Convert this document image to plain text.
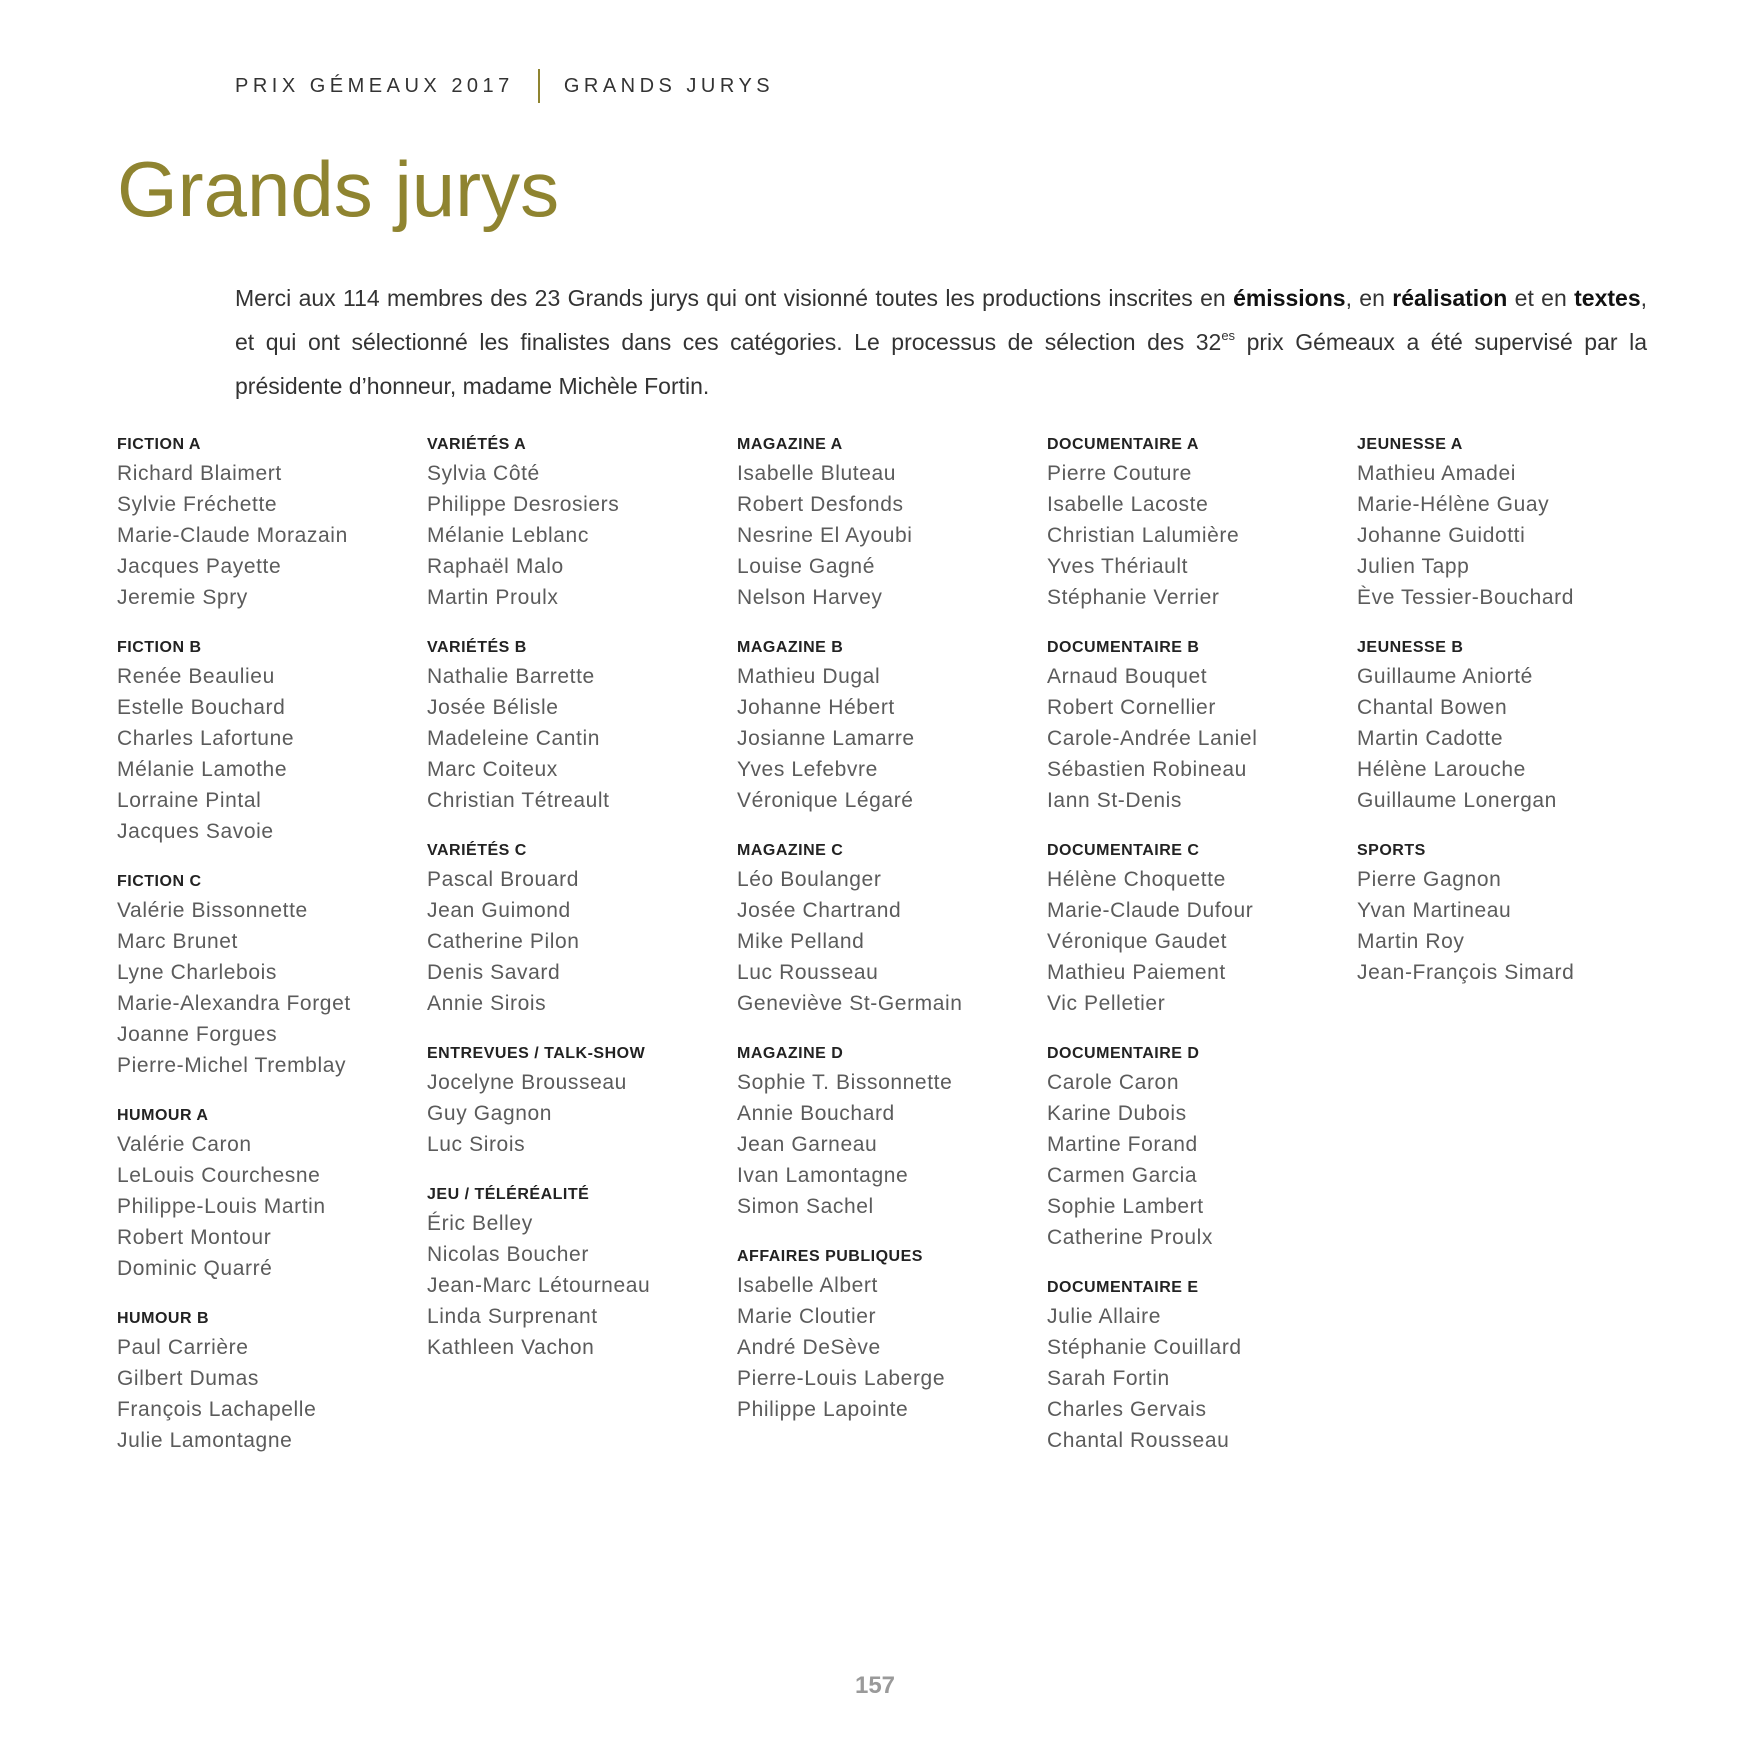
PRIX GÉMEAUX 2017	GRANDS JURYS
Grands jurys

Merci aux 114 membres des 23 Grands jurys qui ont visionné toutes les productions inscrites en émissions, en réalisation et en textes, et qui ont sélectionné les finalistes dans ces catégories. Le processus de sélection des $32^{es}$ prix Gémeaux a été supervisé par la présidente d’honneur, madame Michèle Fortin.

FICTION A
Richard Blaimert
Sylvie Fréchette
Marie-Claude Morazain
Jacques Payette
Jeremie Spry
FICTION B
Renée Beaulieu
Estelle Bouchard
Charles Lafortune
Mélanie Lamothe
Lorraine Pintal
Jacques Savoie
FICTION C
Valérie Bissonnette
Marc Brunet
Lyne Charlebois
Marie-Alexandra Forget
Joanne Forgues
Pierre-Michel Tremblay
HUMOUR A
Valérie Caron
LeLouis Courchesne
Philippe-Louis Martin
Robert Montour
Dominic Quarré
HUMOUR B
Paul Carrière
Gilbert Dumas
François Lachapelle
Julie Lamontagne
VARIÉTÉS A
Sylvia Côté
Philippe Desrosiers
Mélanie Leblanc
Raphaël Malo
Martin Proulx
VARIÉTÉS B
Nathalie Barrette
Josée Bélisle
Madeleine Cantin
Marc Coiteux
Christian Tétreault
VARIÉTÉS C
Pascal Brouard
Jean Guimond
Catherine Pilon
Denis Savard
Annie Sirois
ENTREVUES / TALK-SHOW
Jocelyne Brousseau
Guy Gagnon
Luc Sirois
JEU / TÉLÉRÉALITÉ
Éric Belley
Nicolas Boucher
Jean-Marc Létourneau
Linda Surprenant
Kathleen Vachon
MAGAZINE A
Isabelle Bluteau
Robert Desfonds
Nesrine El Ayoubi
Louise Gagné
Nelson Harvey
MAGAZINE B
Mathieu Dugal
Johanne Hébert
Josianne Lamarre
Yves Lefebvre
Véronique Légaré
MAGAZINE C
Léo Boulanger
Josée Chartrand
Mike Pelland
Luc Rousseau
Geneviève St-Germain
MAGAZINE D
Sophie T. Bissonnette
Annie Bouchard
Jean Garneau
Ivan Lamontagne
Simon Sachel
AFFAIRES PUBLIQUES
Isabelle Albert
Marie Cloutier
André DeSève
Pierre-Louis Laberge
Philippe Lapointe
DOCUMENTAIRE A
Pierre Couture
Isabelle Lacoste
Christian Lalumière
Yves Thériault
Stéphanie Verrier
DOCUMENTAIRE B
Arnaud Bouquet
Robert Cornellier
Carole-Andrée Laniel
Sébastien Robineau
Iann St-Denis
DOCUMENTAIRE C
Hélène Choquette
Marie-Claude Dufour
Véronique Gaudet
Mathieu Paiement
Vic Pelletier
DOCUMENTAIRE D
Carole Caron
Karine Dubois
Martine Forand
Carmen Garcia
Sophie Lambert
Catherine Proulx
DOCUMENTAIRE E
Julie Allaire
Stéphanie Couillard
Sarah Fortin
Charles Gervais
Chantal Rousseau
JEUNESSE A
Mathieu Amadei
Marie-Hélène Guay
Johanne Guidotti
Julien Tapp
Ève Tessier-Bouchard
JEUNESSE B
Guillaume Aniorté
Chantal Bowen
Martin Cadotte
Hélène Larouche
Guillaume Lonergan
SPORTS
Pierre Gagnon
Yvan Martineau
Martin Roy
Jean-François Simard
157
